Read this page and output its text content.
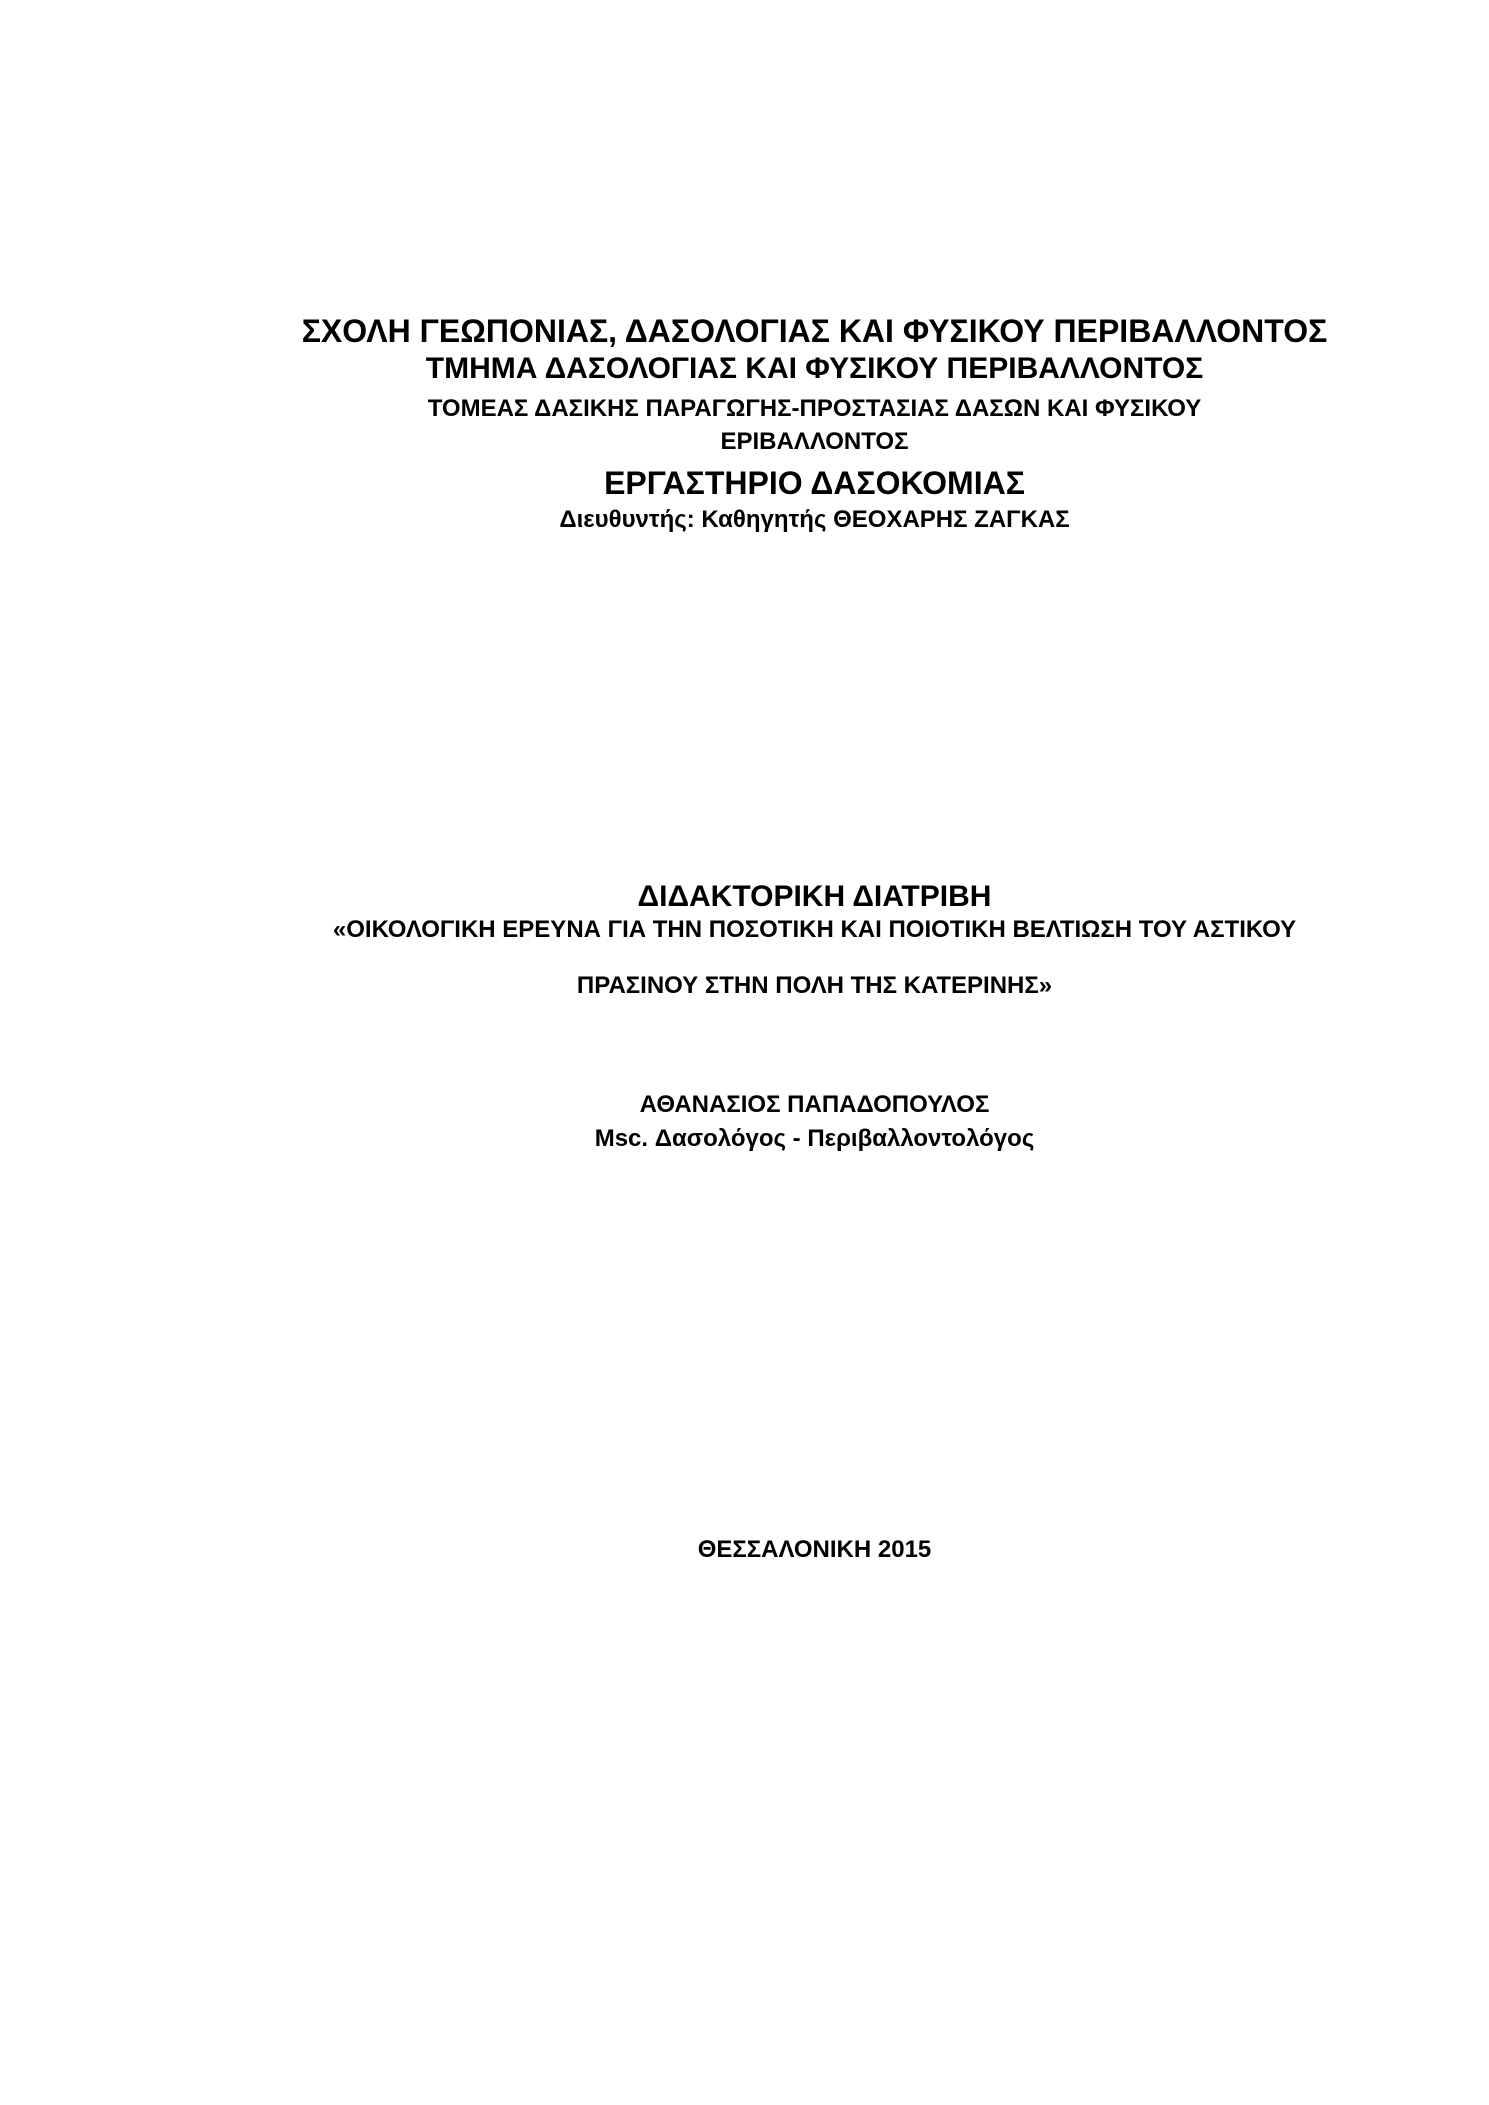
ΣΧΟΛΗ ΓΕΩΠΟΝΙΑΣ, ΔΑΣΟΛΟΓΙΑΣ ΚΑΙ ΦΥΣΙΚΟΥ ΠΕΡΙΒΑΛΛΟΝΤΟΣ
ΤΜΗΜΑ ΔΑΣΟΛΟΓΙΑΣ ΚΑΙ ΦΥΣΙΚΟΥ ΠΕΡΙΒΑΛΛΟΝΤΟΣ
ΤΟΜΕΑΣ ΔΑΣΙΚΗΣ ΠΑΡΑΓΩΓΗΣ-ΠΡΟΣΤΑΣΙΑΣ ΔΑΣΩΝ ΚΑΙ ΦΥΣΙΚΟΥ
ΕΡΙΒΑΛΛΟΝΤΟΣ
ΕΡΓΑΣΤΗΡΙΟ ΔΑΣΟΚΟΜΙΑΣ
Διευθυντής: Καθηγητής ΘΕΟΧΑΡΗΣ ΖΑΓΚΑΣ
ΔΙΔΑΚΤΟΡΙΚΗ ΔΙΑΤΡΙΒΗ
«ΟΙΚΟΛΟΓΙΚΗ ΕΡΕΥΝΑ ΓΙΑ ΤΗΝ ΠΟΣΟΤΙΚΗ ΚΑΙ ΠΟΙΟΤΙΚΗ ΒΕΛΤΙΩΣΗ ΤΟΥ ΑΣΤΙΚΟΥ
ΠΡΑΣΙΝΟΥ ΣΤΗΝ ΠΟΛΗ ΤΗΣ ΚΑΤΕΡΙΝΗΣ»
ΑΘΑΝΑΣΙΟΣ ΠΑΠΑΔΟΠΟΥΛΟΣ
Msc. Δασολόγος - Περιβαλλοντολόγος
ΘΕΣΣΑΛΟΝΙΚΗ 2015
